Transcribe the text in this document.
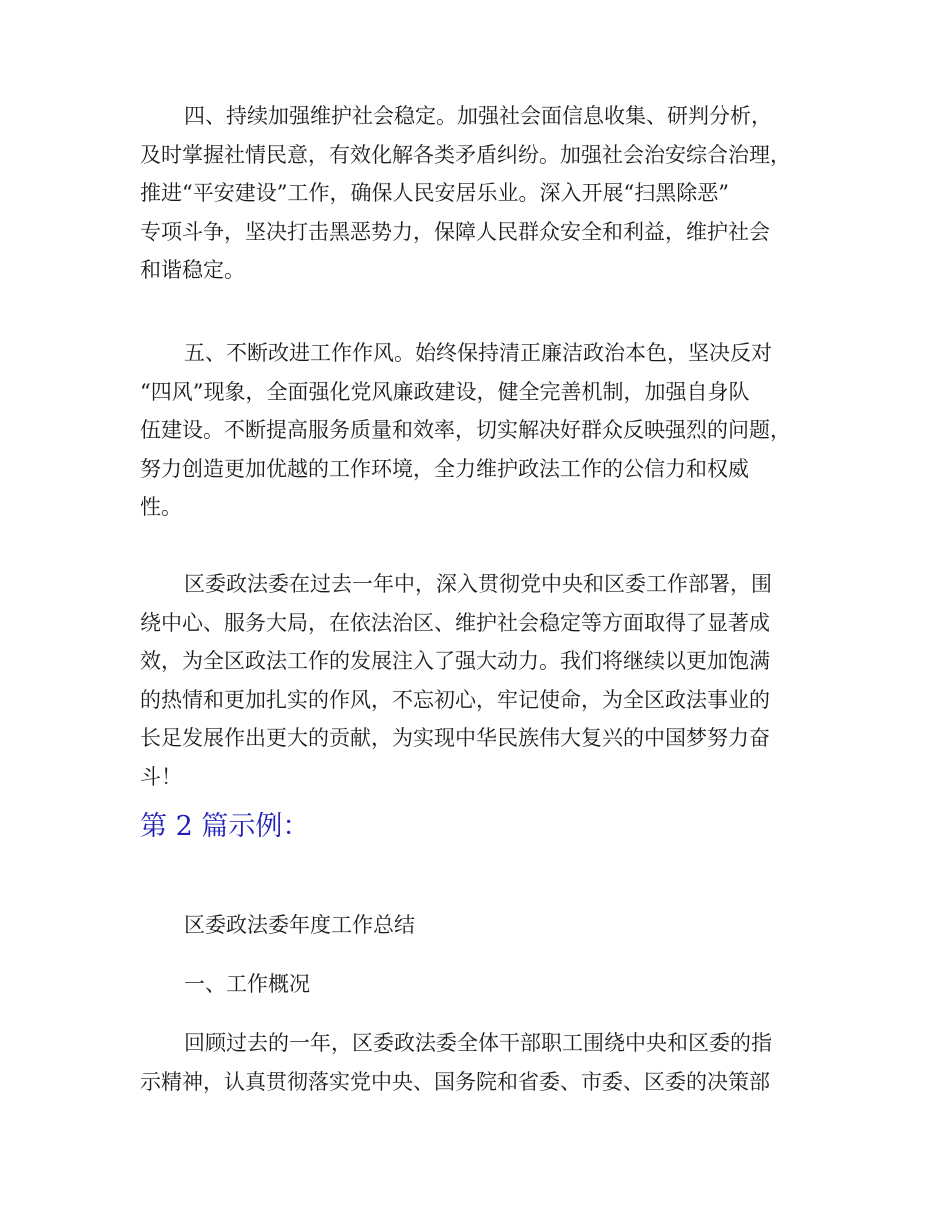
四、持续加强维护社会稳定。加强社会面信息收集、研判分析，
及时掌握社情民意，有效化解各类矛盾纠纷。加强社会治安综合治理，
推进“平安建设”工作，确保人民安居乐业。深入开展“扫黑除恶”
专项斗争，坚决打击黑恶势力，保障人民群众安全和利益，维护社会
和谐稳定。
五、不断改进工作作风。始终保持清正廉洁政治本色，坚决反对
“四风”现象，全面强化党风廉政建设，健全完善机制，加强自身队
伍建设。不断提高服务质量和效率，切实解决好群众反映强烈的问题，
努力创造更加优越的工作环境，全力维护政法工作的公信力和权威
性。
区委政法委在过去一年中，深入贯彻党中央和区委工作部署，围
绕中心、服务大局，在依法治区、维护社会稳定等方面取得了显著成
效，为全区政法工作的发展注入了强大动力。我们将继续以更加饱满
的热情和更加扎实的作风，不忘初心，牢记使命，为全区政法事业的
长足发展作出更大的贡献，为实现中华民族伟大复兴的中国梦努力奋
斗！
第 2 篇示例：

区委政法委年度工作总结

一、工作概况

回顾过去的一年，区委政法委全体干部职工围绕中央和区委的指
示精神，认真贯彻落实党中央、国务院和省委、市委、区委的决策部
